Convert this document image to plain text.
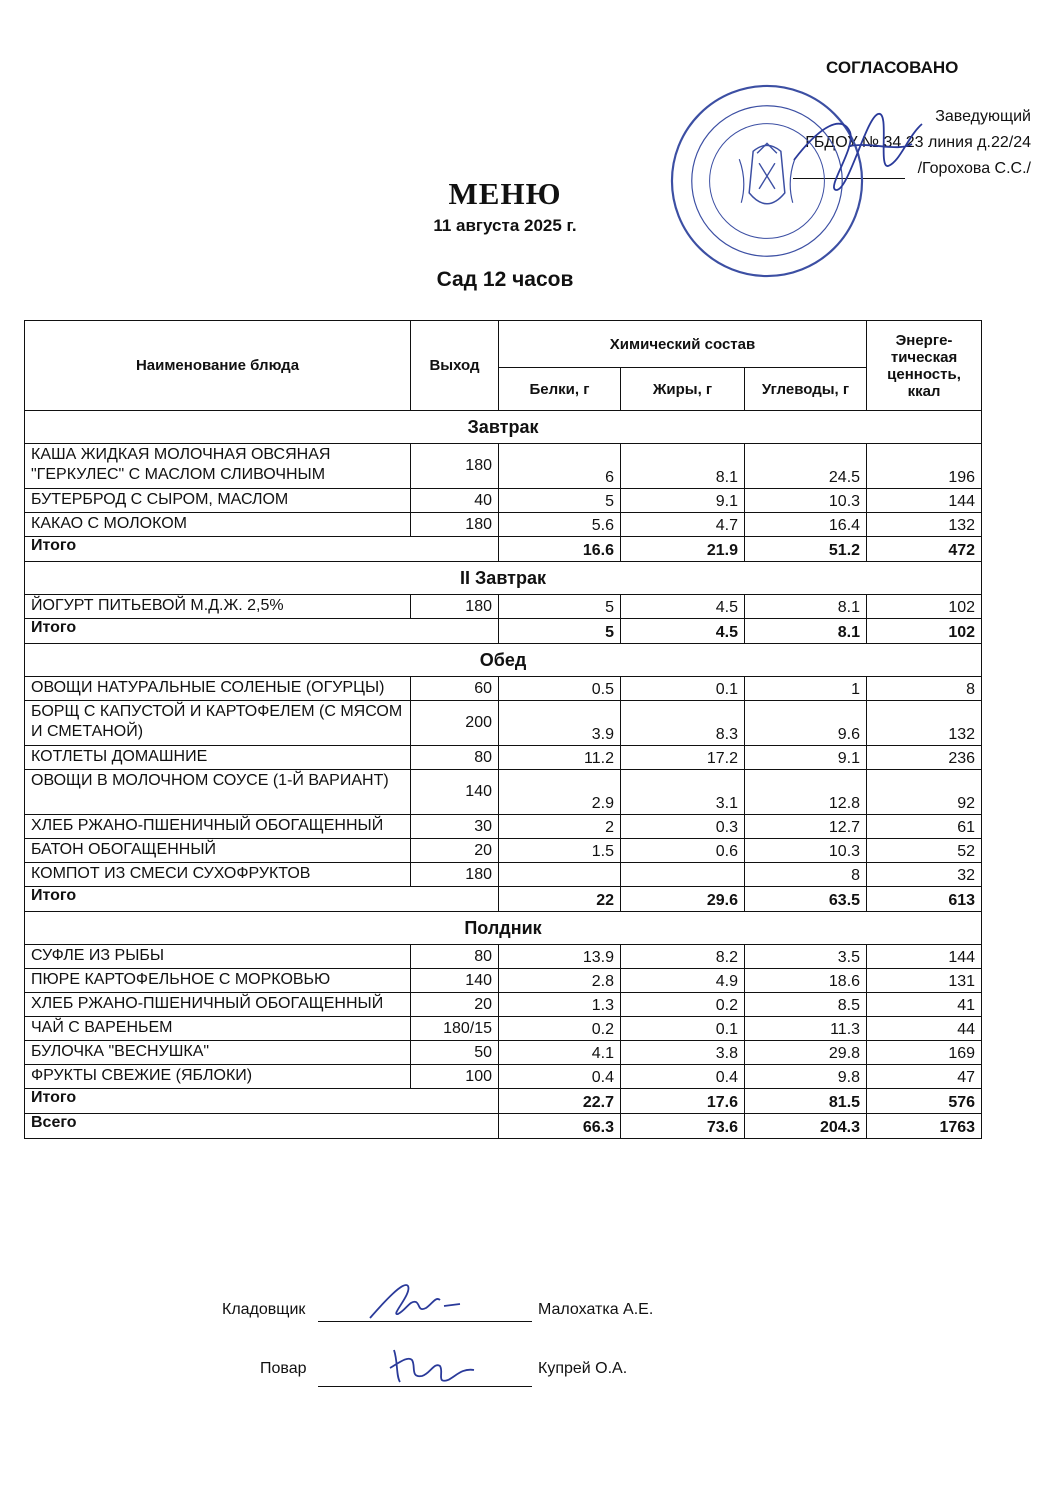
СОГЛАСОВАНО
Заведующий
ГБДОУ № 34 23 линия д.22/24
/Горохова С.С./
МЕНЮ
11 августа 2025 г.
Сад 12 часов
Наименование блюда	Выход	Химический состав			Энерге-тическая ценность, ккал
		Белки, г	Жиры, г	Углеводы, г	
Завтрак					
КАША ЖИДКАЯ МОЛОЧНАЯ ОВСЯНАЯ "ГЕРКУЛЕС" С МАСЛОМ СЛИВОЧНЫМ	180	6	8.1	24.5	196
БУТЕРБРОД С СЫРОМ, МАСЛОМ	40	5	9.1	10.3	144
КАКАО С МОЛОКОМ	180	5.6	4.7	16.4	132
Итого		16.6	21.9	51.2	472
II Завтрак					
ЙОГУРТ ПИТЬЕВОЙ М.Д.Ж. 2,5%	180	5	4.5	8.1	102
Итого		5	4.5	8.1	102
Обед					
ОВОЩИ НАТУРАЛЬНЫЕ СОЛЕНЫЕ (ОГУРЦЫ)	60	0.5	0.1	1	8
БОРЩ С КАПУСТОЙ И КАРТОФЕЛЕМ (С МЯСОМ И СМЕТАНОЙ)	200	3.9	8.3	9.6	132
КОТЛЕТЫ ДОМАШНИЕ	80	11.2	17.2	9.1	236
ОВОЩИ В МОЛОЧНОМ СОУСЕ (1-Й ВАРИАНТ)	140	2.9	3.1	12.8	92
ХЛЕБ РЖАНО-ПШЕНИЧНЫЙ ОБОГАЩЕННЫЙ	30	2	0.3	12.7	61
БАТОН ОБОГАЩЕННЫЙ	20	1.5	0.6	10.3	52
КОМПОТ ИЗ СМЕСИ СУХОФРУКТОВ	180			8	32
Итого		22	29.6	63.5	613
Полдник					
СУФЛЕ ИЗ РЫБЫ	80	13.9	8.2	3.5	144
ПЮРЕ КАРТОФЕЛЬНОЕ С МОРКОВЬЮ	140	2.8	4.9	18.6	131
ХЛЕБ РЖАНО-ПШЕНИЧНЫЙ ОБОГАЩЕННЫЙ	20	1.3	0.2	8.5	41
ЧАЙ С ВАРЕНЬЕМ	180/15	0.2	0.1	11.3	44
БУЛОЧКА "ВЕСНУШКА"	50	4.1	3.8	29.8	169
ФРУКТЫ СВЕЖИЕ (ЯБЛОКИ)	100	0.4	0.4	9.8	47
Итого		22.7	17.6	81.5	576
Всего		66.3	73.6	204.3	1763
Кладовщик	Малохатка А.Е.
Повар	Купрей О.А.
